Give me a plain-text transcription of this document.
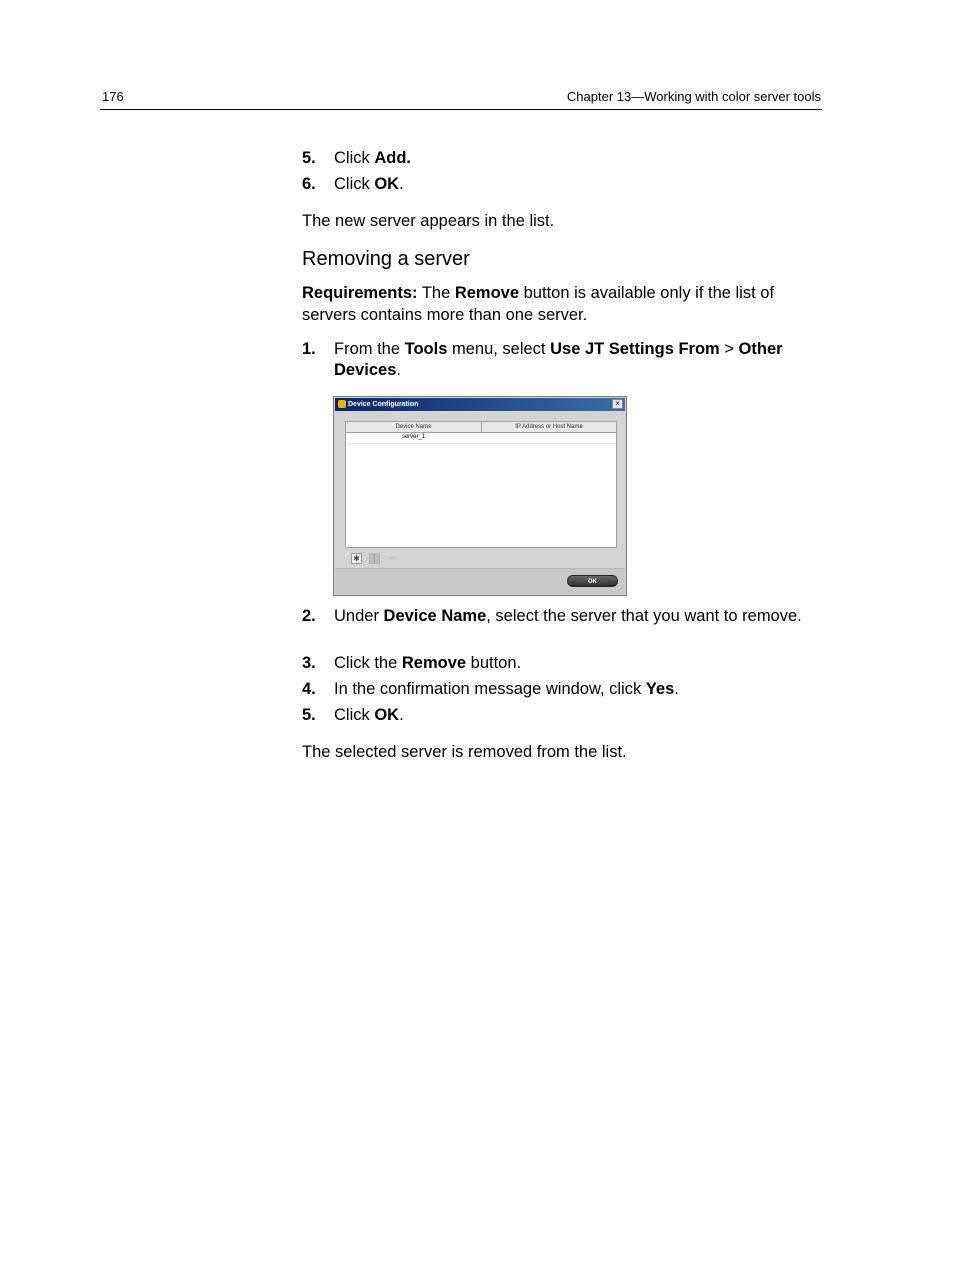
176	Chapter 13—Working with color server tools
5. Click Add.
6. Click OK.
The new server appears in the list.
Removing a server
Requirements: The Remove button is available only if the list of servers contains more than one server.
1. From the Tools menu, select Use JT Settings From > Other Devices.
Device Configuration	×
Device Name	IP Address or Host Name
server_1
✱	│	—
OK
2. Under Device Name, select the server that you want to remove.
3. Click the Remove button.
4. In the confirmation message window, click Yes.
5. Click OK.
The selected server is removed from the list.
